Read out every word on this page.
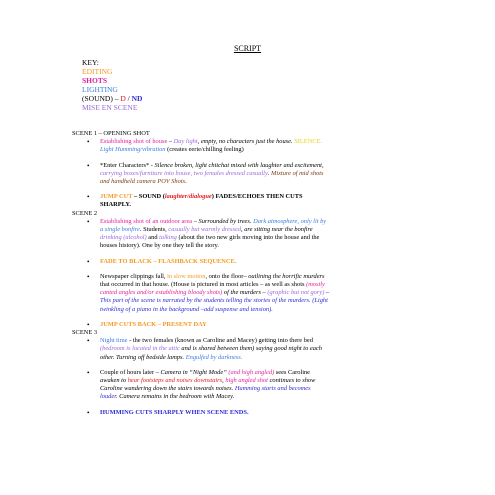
SCRIPT
KEY:
EDITING
SHOTS
LIGHTING
(SOUND) – D / ND
MISE EN SCENE
SCENE 1 – OPENING SHOT
• Establishing shot of house – Day light, empty, no characters just the house. SILENCE.
Light Humming/vibration (creates eerie/chilling feeling)
• *Enter Characters* - Silence broken, light chitchat mixed with laughter and excitement,
carrying boxes/furniture into house, two females dressed casually. Mixture of mid shots
and handheld camera POV Shots.
• JUMP CUT – SOUND (laughter/dialogue) FADES/ECHOES THEN CUTS
SHARPLY.
SCENE 2
• Establishing shot of an outdoor area – Surrounded by trees. Dark atmosphere, only lit by
a single bonfire. Students, casually but warmly dressed, are sitting near the bonfire
drinking (alcohol) and talking (about the two new girls moving into the house and the
houses history). One by one they tell the story.
• FADE TO BLACK – FLASHBACK SEQUENCE.
• Newspaper clippings fall, in slow motion, onto the floor– outlining the horrific murders
that occurred in that house. (House is pictured in most articles – as well as shots (mostly
canted angles and/or establishing bloody shots) of the murders – (graphic but not gory) –
This part of the scene is narrated by the students telling the stories of the murders. (Light
twinkling of a piano in the background –add suspense and tension).
• JUMP CUTS BACK – PRESENT DAY
SCENE 3
• Night time - the two females (known as Caroline and Macey) getting into there bed
(bedroom is located in the attic and is shared between them) saying good night to each
other. Turning off bedside lamps. Engulfed by darkness.
• Couple of hours later – Camera in “Night Mode” (and high angled) sees Caroline
awaken to hear footsteps and noises downstairs, high angled shot continues to show
Caroline wandering down the stairs towards noises. Humming starts and becomes
louder. Camera remains in the bedroom with Macey.
• HUMMING CUTS SHARPLY WHEN SCENE ENDS.
